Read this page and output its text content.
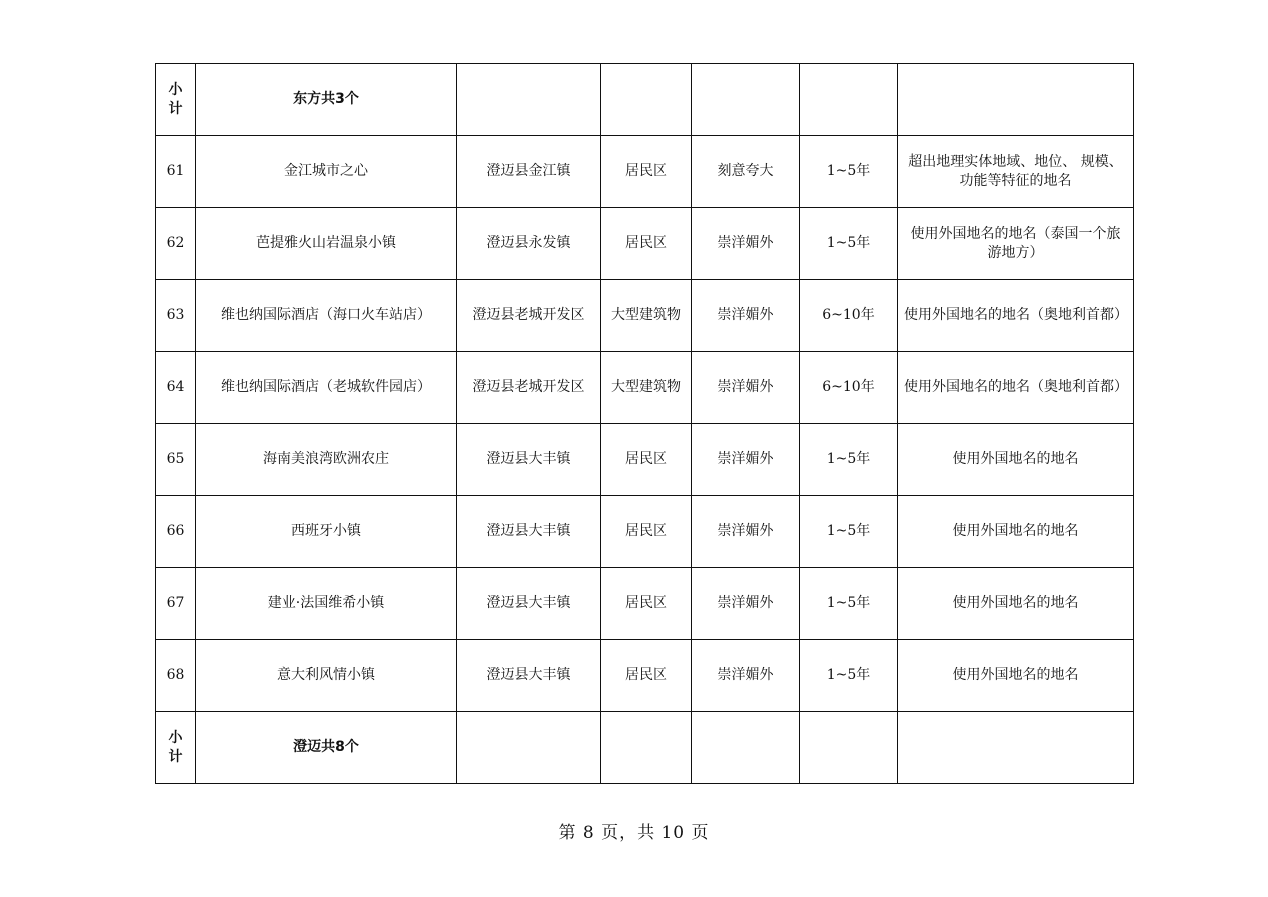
小计	东方共3个					
61	金江城市之心	澄迈县金江镇	居民区	刻意夸大	1~5年	超出地理实体地域、地位、 规模、功能等特征的地名
62	芭提雅火山岩温泉小镇	澄迈县永发镇	居民区	崇洋媚外	1~5年	使用外国地名的地名（泰国一个旅游地方）
63	维也纳国际酒店（海口火车站店）	澄迈县老城开发区	大型建筑物	崇洋媚外	6~10年	使用外国地名的地名（奥地利首都）
64	维也纳国际酒店（老城软件园店）	澄迈县老城开发区	大型建筑物	崇洋媚外	6~10年	使用外国地名的地名（奥地利首都）
65	海南美浪湾欧洲农庄	澄迈县大丰镇	居民区	崇洋媚外	1~5年	使用外国地名的地名
66	西班牙小镇	澄迈县大丰镇	居民区	崇洋媚外	1~5年	使用外国地名的地名
67	建业·法国维希小镇	澄迈县大丰镇	居民区	崇洋媚外	1~5年	使用外国地名的地名
68	意大利风情小镇	澄迈县大丰镇	居民区	崇洋媚外	1~5年	使用外国地名的地名
小计	澄迈共8个					
第 8 页，共 10 页
